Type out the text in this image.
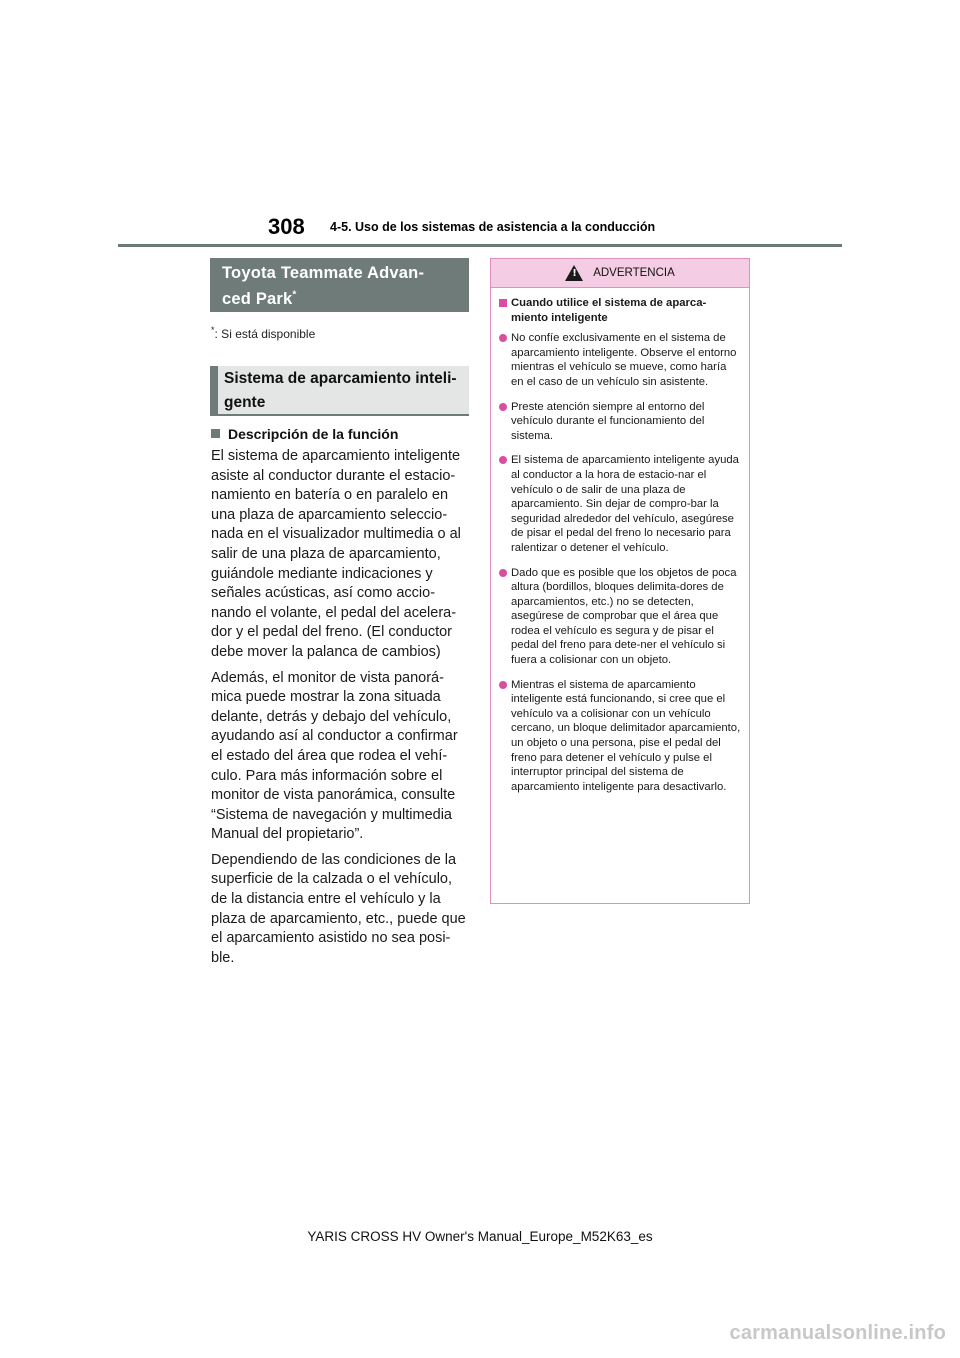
308 4-5. Uso de los sistemas de asistencia a la conducción
Toyota Teammate Advan-
ced Park*
*: Si está disponible
Sistema de aparcamiento inteli-
gente
Descripción de la función

El sistema de aparcamiento inteligente asiste al conductor durante el estacio-namiento en batería o en paralelo en una plaza de aparcamiento seleccio-nada en el visualizador multimedia o al salir de una plaza de aparcamiento, guiándole mediante indicaciones y señales acústicas, así como accio-nando el volante, el pedal del acelera-dor y el pedal del freno. (El conductor debe mover la palanca de cambios)

Además, el monitor de vista panorá-mica puede mostrar la zona situada delante, detrás y debajo del vehículo, ayudando así al conductor a confirmar el estado del área que rodea el vehí-culo. Para más información sobre el monitor de vista panorámica, consulte “Sistema de navegación y multimedia Manual del propietario”.

Dependiendo de las condiciones de la superficie de la calzada o el vehículo, de la distancia entre el vehículo y la plaza de aparcamiento, etc., puede que el aparcamiento asistido no sea posi-ble.

!
ADVERTENCIA
Cuando utilice el sistema de aparca-miento inteligente
No confíe exclusivamente en el sistema de aparcamiento inteligente. Observe el entorno mientras el vehículo se mueve, como haría en el caso de un vehículo sin asistente.
Preste atención siempre al entorno del vehículo durante el funcionamiento del sistema.
El sistema de aparcamiento inteligente ayuda al conductor a la hora de estacio-nar el vehículo o de salir de una plaza de aparcamiento. Sin dejar de compro-bar la seguridad alrededor del vehículo, asegúrese de pisar el pedal del freno lo necesario para ralentizar o detener el vehículo.
Dado que es posible que los objetos de poca altura (bordillos, bloques delimita-dores de aparcamientos, etc.) no se detecten, asegúrese de comprobar que el área que rodea el vehículo es segura y de pisar el pedal del freno para dete-ner el vehículo si fuera a colisionar con un objeto.
Mientras el sistema de aparcamiento inteligente está funcionando, si cree que el vehículo va a colisionar con un vehículo cercano, un bloque delimitador aparcamiento, un objeto o una persona, pise el pedal del freno para detener el vehículo y pulse el interruptor principal del sistema de aparcamiento inteligente para desactivarlo.
YARIS CROSS HV Owner's Manual_Europe_M52K63_es
carmanualsonline.info
